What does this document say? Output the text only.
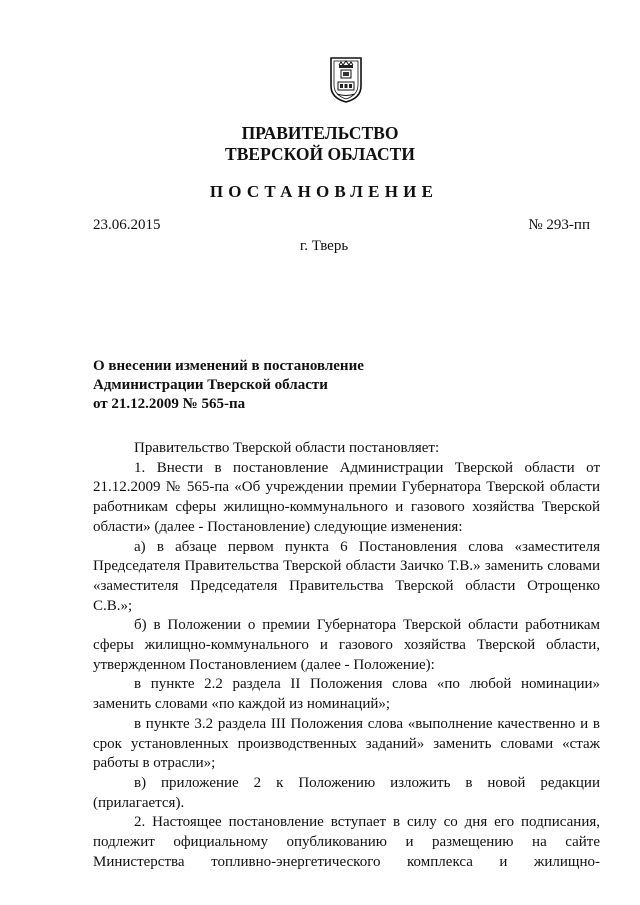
ПРАВИТЕЛЬСТВО
ТВЕРСКОЙ ОБЛАСТИ
ПОСТАНОВЛЕНИЕ
23.06.2015	№ 293-пп
г. Тверь
О внесении изменений в постановление
Администрации Тверской области
от 21.12.2009 № 565-па

Правительство Тверской области постановляет:

1. Внести в постановление Администрации Тверской области от 21.12.2009 № 565-па «Об учреждении премии Губернатора Тверской области работникам сферы жилищно-коммунального и газового хозяйства Тверской области» (далее - Постановление) следующие изменения:

а) в абзаце первом пункта 6 Постановления слова «заместителя Председателя Правительства Тверской области Заичко Т.В.» заменить словами «заместителя Председателя Правительства Тверской области Отрощенко С.В.»;

б) в Положении о премии Губернатора Тверской области работникам сферы жилищно-коммунального и газового хозяйства Тверской области, утвержденном Постановлением (далее - Положение):

в пункте 2.2 раздела II Положения слова «по любой номинации» заменить словами «по каждой из номинаций»;

в пункте 3.2 раздела III Положения слова «выполнение качественно и в срок установленных производственных заданий» заменить словами «стаж работы в отрасли»;

в) приложение 2 к Положению изложить в новой редакции (прилагается).

2. Настоящее постановление вступает в силу со дня его подписания, подлежит официальному опубликованию и размещению на сайте Министерства топливно-энергетического комплекса и жилищно-
